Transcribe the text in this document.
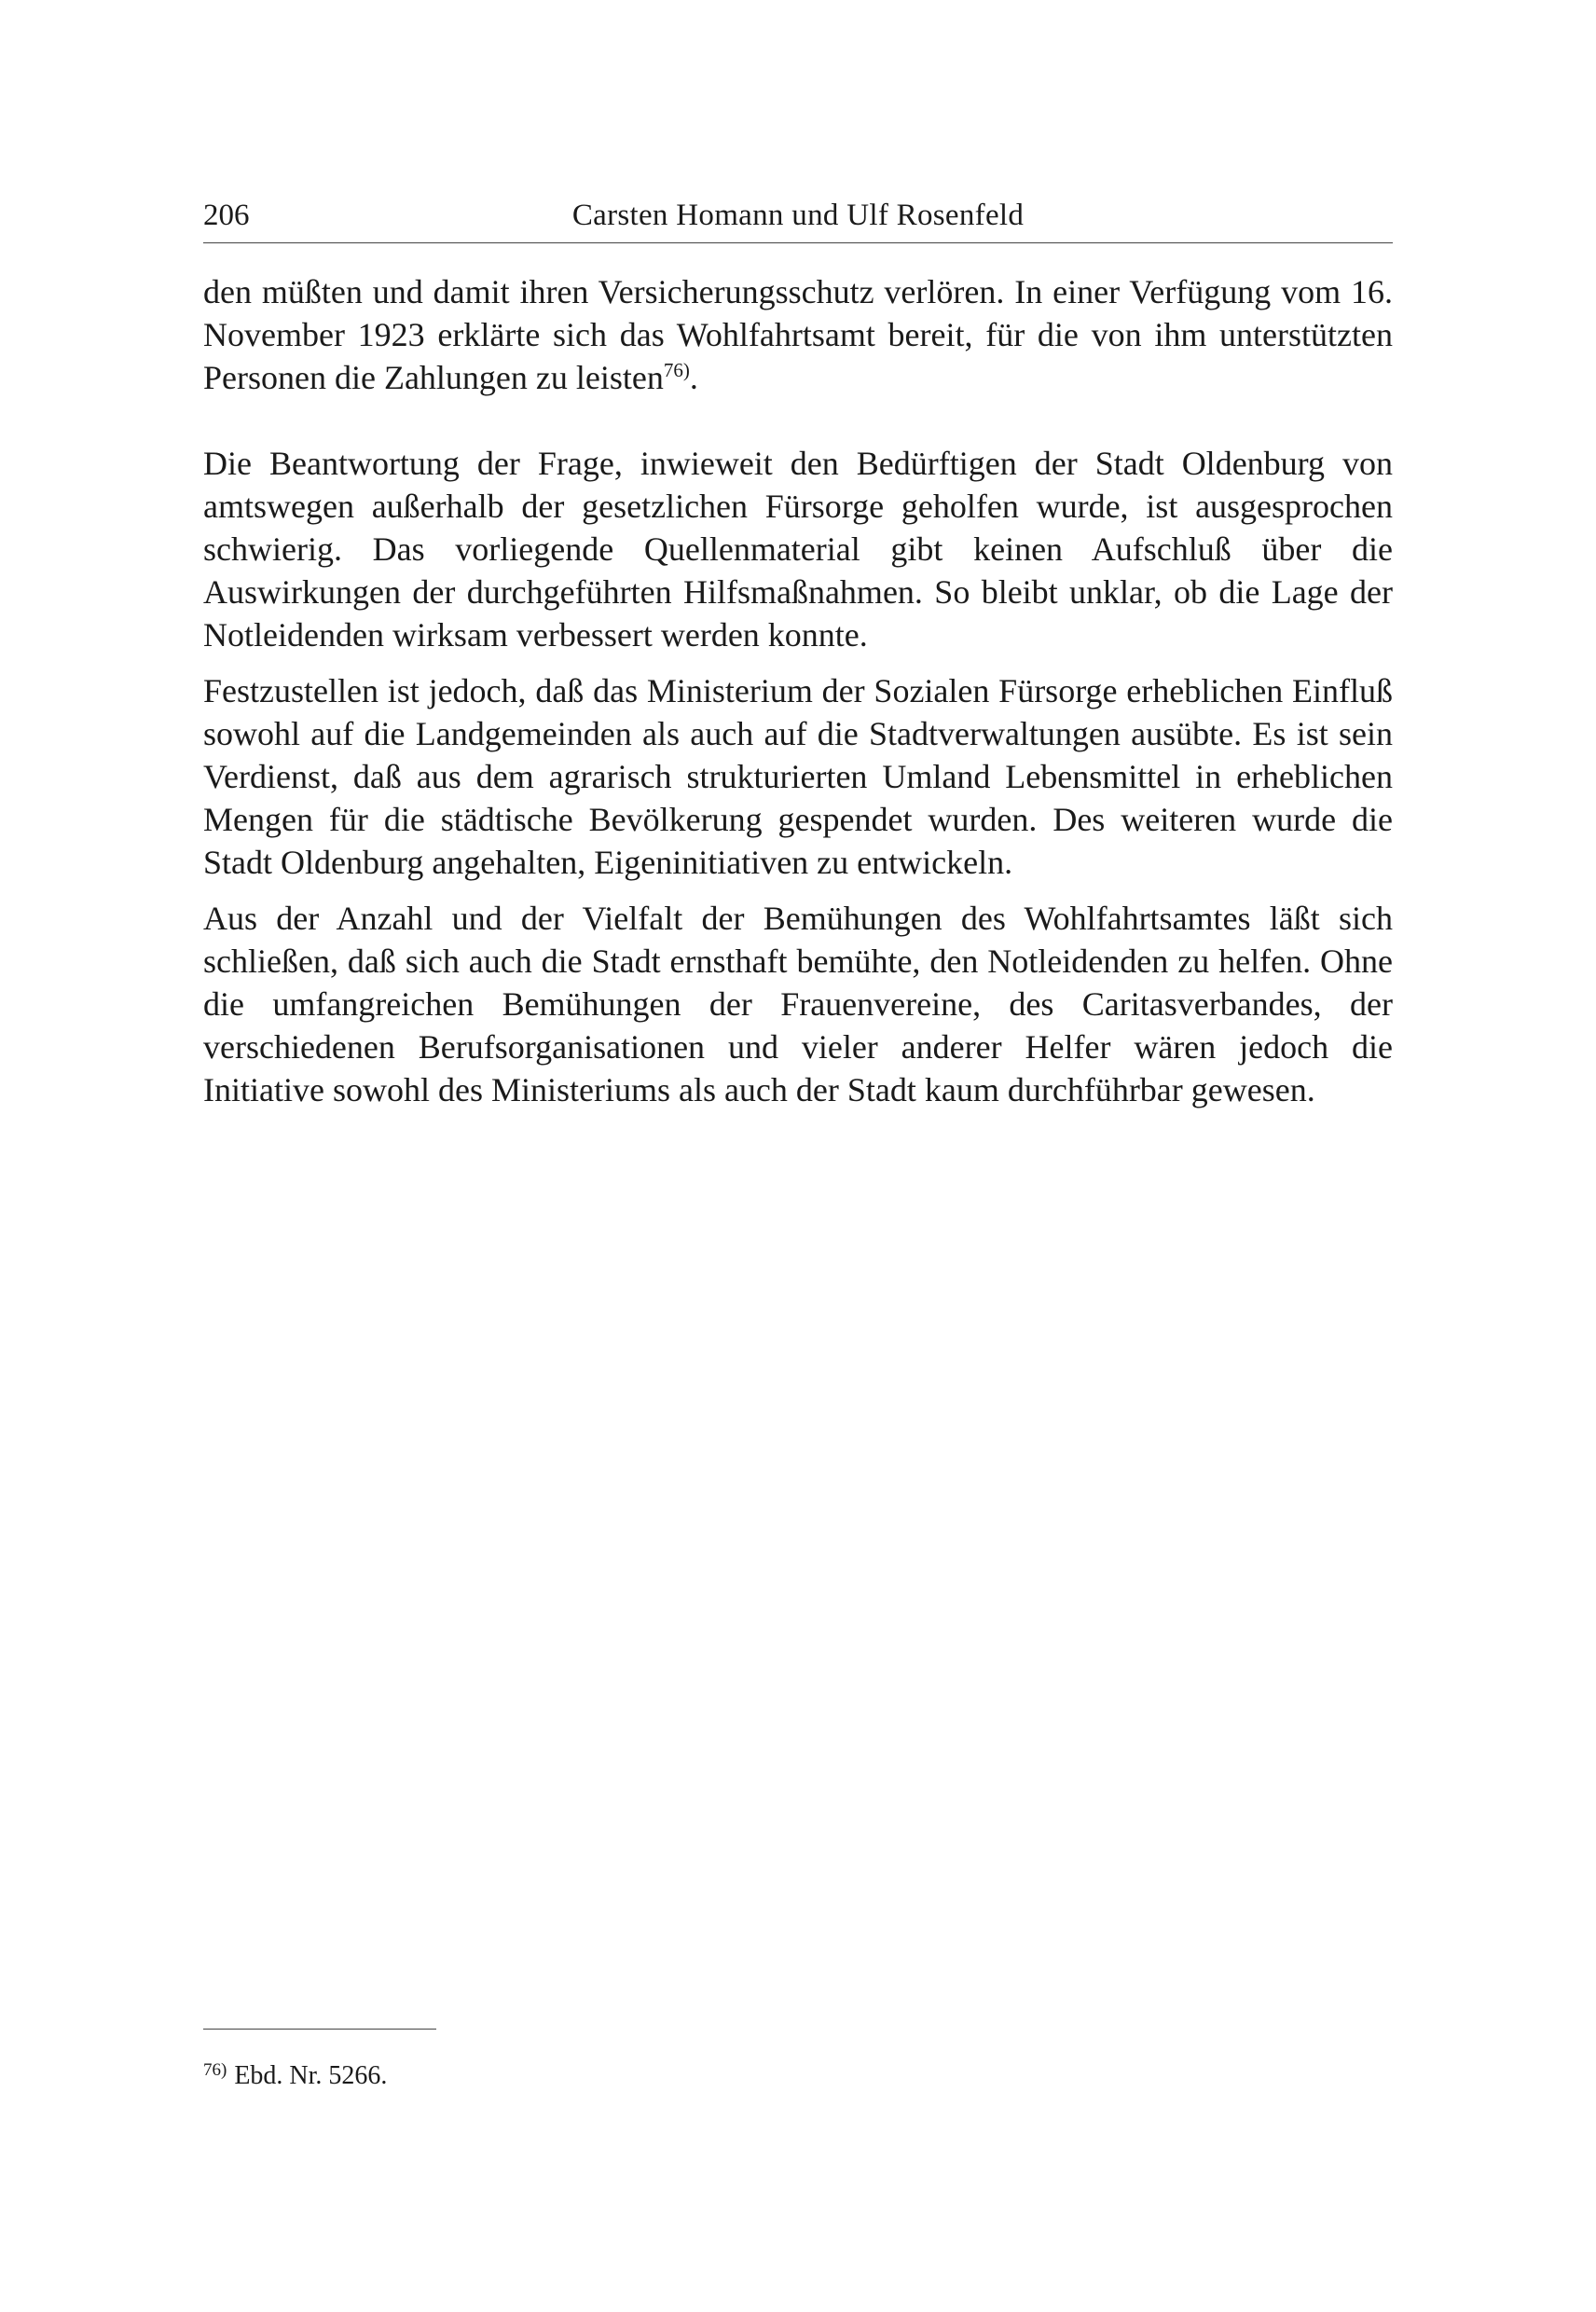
206	Carsten Homann und Ulf Rosenfeld

den müßten und damit ihren Versicherungsschutz verlören. In einer Verfügung vom 16. November 1923 erklärte sich das Wohlfahrtsamt bereit, für die von ihm unterstützten Personen die Zahlungen zu leisten$^{76)}$.

Die Beantwortung der Frage, inwieweit den Bedürftigen der Stadt Oldenburg von amtswegen außerhalb der gesetzlichen Fürsorge geholfen wurde, ist ausgesprochen schwierig. Das vorliegende Quellenmaterial gibt keinen Aufschluß über die Auswirkungen der durchgeführten Hilfsmaßnahmen. So bleibt unklar, ob die Lage der Notleidenden wirksam verbessert werden konnte.

Festzustellen ist jedoch, daß das Ministerium der Sozialen Fürsorge erheblichen Einfluß sowohl auf die Landgemeinden als auch auf die Stadtverwaltungen ausübte. Es ist sein Verdienst, daß aus dem agrarisch strukturierten Umland Lebensmittel in erheblichen Mengen für die städtische Bevölkerung gespendet wurden. Des weiteren wurde die Stadt Oldenburg angehalten, Eigeninitiativen zu entwickeln.

Aus der Anzahl und der Vielfalt der Bemühungen des Wohlfahrtsamtes läßt sich schließen, daß sich auch die Stadt ernsthaft bemühte, den Notleidenden zu helfen. Ohne die umfangreichen Bemühungen der Frauenvereine, des Caritasverbandes, der verschiedenen Berufsorganisationen und vieler anderer Helfer wären jedoch die Initiative sowohl des Ministeriums als auch der Stadt kaum durchführbar gewesen.

$^{76)}$ Ebd. Nr. 5266.
